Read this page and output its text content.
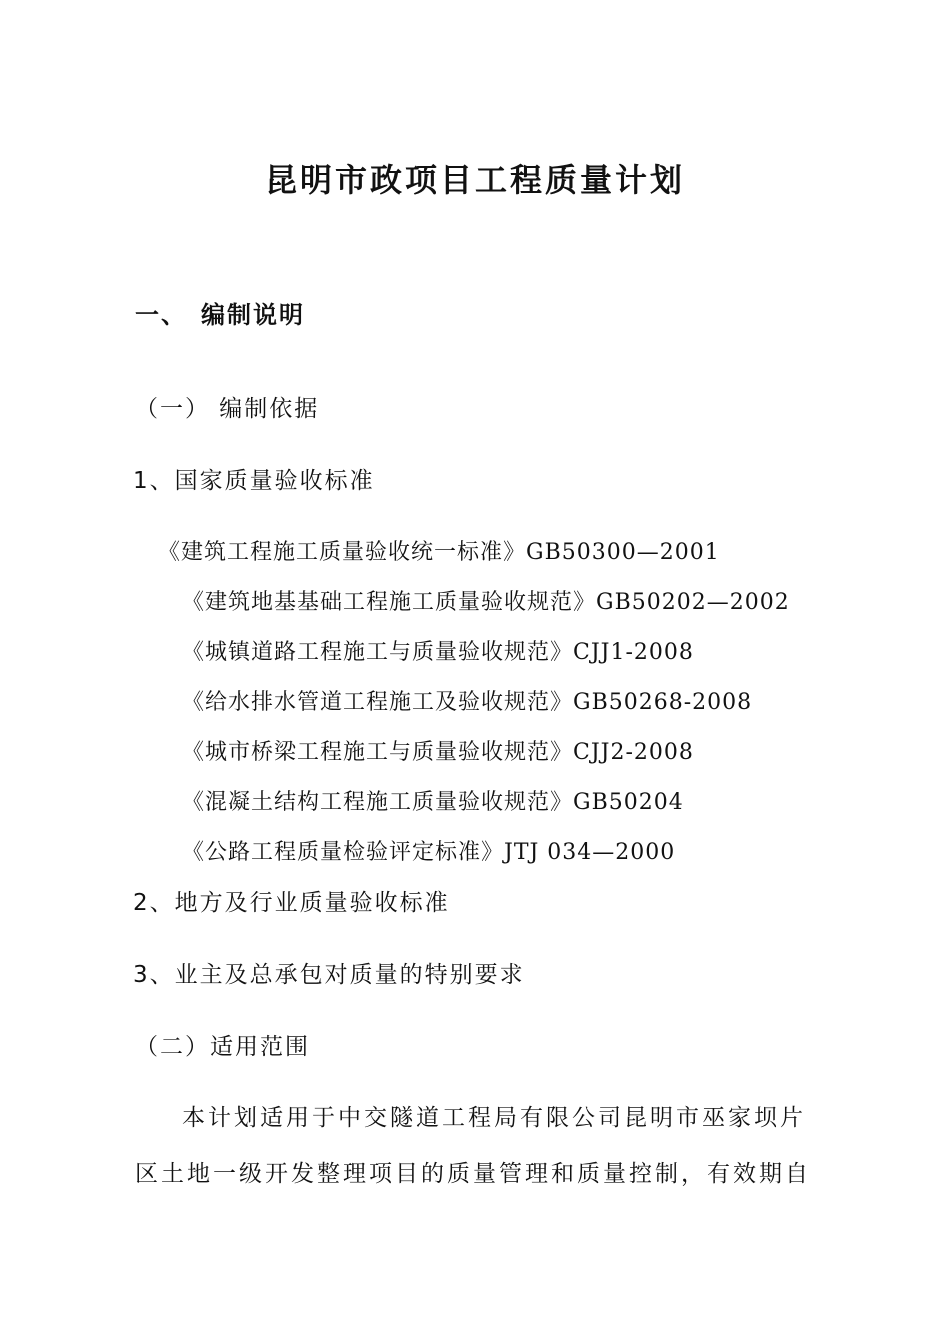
昆明市政项目工程质量计划
一、 编制说明
（一） 编制依据
1、国家质量验收标准
《建筑工程施工质量验收统一标准》GB50300—2001
《建筑地基基础工程施工质量验收规范》GB50202—2002
《城镇道路工程施工与质量验收规范》CJJ1-2008
《给水排水管道工程施工及验收规范》GB50268-2008
《城市桥梁工程施工与质量验收规范》CJJ2-2008
《混凝土结构工程施工质量验收规范》GB50204
《公路工程质量检验评定标准》JTJ 034—2000
2、地方及行业质量验收标准
3、业主及总承包对质量的特别要求
（二）适用范围
本计划适用于中交隧道工程局有限公司昆明市巫家坝片
区土地一级开发整理项目的质量管理和质量控制，有效期自
